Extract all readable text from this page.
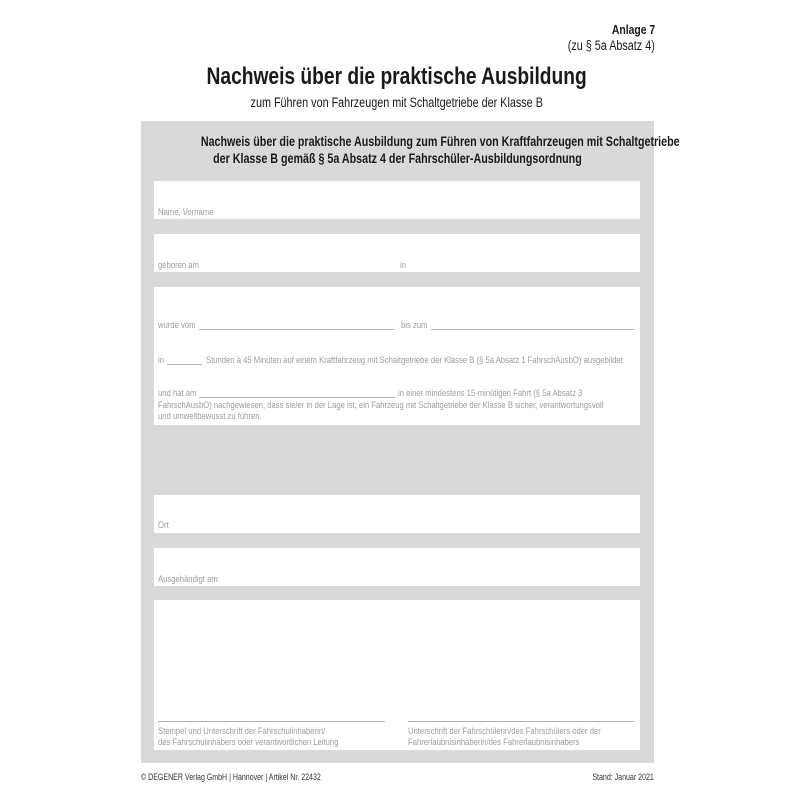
Anlage 7
(zu § 5a Absatz 4)
Nachweis über die praktische Ausbildung
zum Führen von Fahrzeugen mit Schaltgetriebe der Klasse B
Nachweis über die praktische Ausbildung zum Führen von Kraftfahrzeugen mit Schaltgetriebe
der Klasse B gemäß § 5a Absatz 4 der Fahrschüler-Ausbildungsordnung
Name, Vorname
geboren am	in
wurde vom	bis zum
in	Stunden à 45 Minuten auf einem Kraftfahrzeug mit Schaltgetriebe der Klasse B (§ 5a Absatz 1 FahrschAusbO) ausgebildet
und hat am	in einer mindestens 15-minütigen Fahrt (§ 5a Absatz 3
FahrschAusbO) nachgewiesen, dass sie/er in der Lage ist, ein Fahrzeug mit Schaltgetriebe der Klasse B sicher, verantwortungsvoll
und umweltbewusst zu führen.
Ort
Ausgehändigt am
Stempel und Unterschrift der Fahrschulinhaberin/
des Fahrschulinhabers oder verantwortlichen Leitung
Unterschrift der Fahrschülerin/des Fahrschülers oder der
Fahrerlaubnisinhaberin/des Fahrerlaubnisinhabers
© DEGENER Verlag GmbH | Hannover | Artikel Nr. 22432	Stand: Januar 2021
